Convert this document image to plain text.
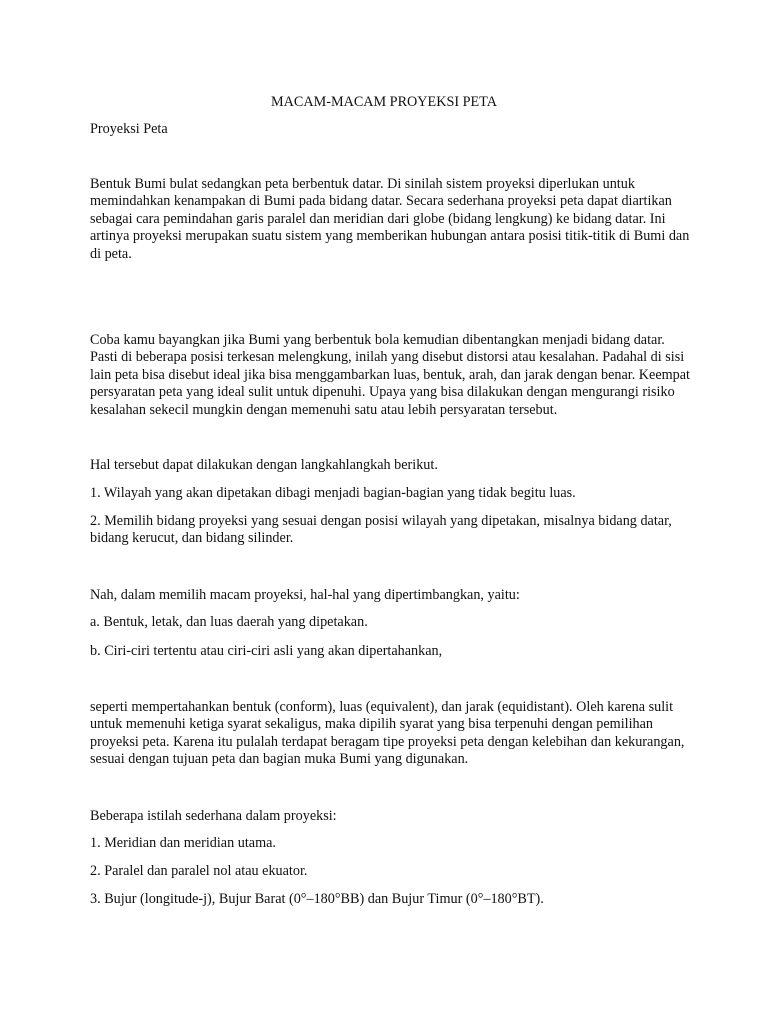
MACAM-MACAM PROYEKSI PETA

Proyeksi Peta

Bentuk Bumi bulat sedangkan peta berbentuk datar. Di sinilah sistem proyeksi diperlukan untuk memindahkan kenampakan di Bumi pada bidang datar. Secara sederhana proyeksi peta dapat diartikan sebagai cara pemindahan garis paralel dan meridian dari globe (bidang lengkung) ke bidang datar. Ini artinya proyeksi merupakan suatu sistem yang memberikan hubungan antara posisi titik-titik di Bumi dan di peta.

Coba kamu bayangkan jika Bumi yang berbentuk bola kemudian dibentangkan menjadi bidang datar. Pasti di beberapa posisi terkesan melengkung, inilah yang disebut distorsi atau kesalahan. Padahal di sisi lain peta bisa disebut ideal jika bisa menggambarkan luas, bentuk, arah, dan jarak dengan benar. Keempat persyaratan peta yang ideal sulit untuk dipenuhi. Upaya yang bisa dilakukan dengan mengurangi risiko kesalahan sekecil mungkin dengan memenuhi satu atau lebih persyaratan tersebut.

Hal tersebut dapat dilakukan dengan langkahlangkah berikut.

1. Wilayah yang akan dipetakan dibagi menjadi bagian-bagian yang tidak begitu luas.

2. Memilih bidang proyeksi yang sesuai dengan posisi wilayah yang dipetakan, misalnya bidang datar, bidang kerucut, dan bidang silinder.

Nah, dalam memilih macam proyeksi, hal-hal yang dipertimbangkan, yaitu:

a. Bentuk, letak, dan luas daerah yang dipetakan.

b. Ciri-ciri tertentu atau ciri-ciri asli yang akan dipertahankan,

seperti mempertahankan bentuk (conform), luas (equivalent), dan jarak (equidistant). Oleh karena sulit untuk memenuhi ketiga syarat sekaligus, maka dipilih syarat yang bisa terpenuhi dengan pemilihan proyeksi peta. Karena itu pulalah terdapat beragam tipe proyeksi peta dengan kelebihan dan kekurangan, sesuai dengan tujuan peta dan bagian muka Bumi yang digunakan.

Beberapa istilah sederhana dalam proyeksi:

1. Meridian dan meridian utama.

2. Paralel dan paralel nol atau ekuator.

3. Bujur (longitude-j), Bujur Barat (0°–180°BB) dan Bujur Timur (0°–180°BT).
